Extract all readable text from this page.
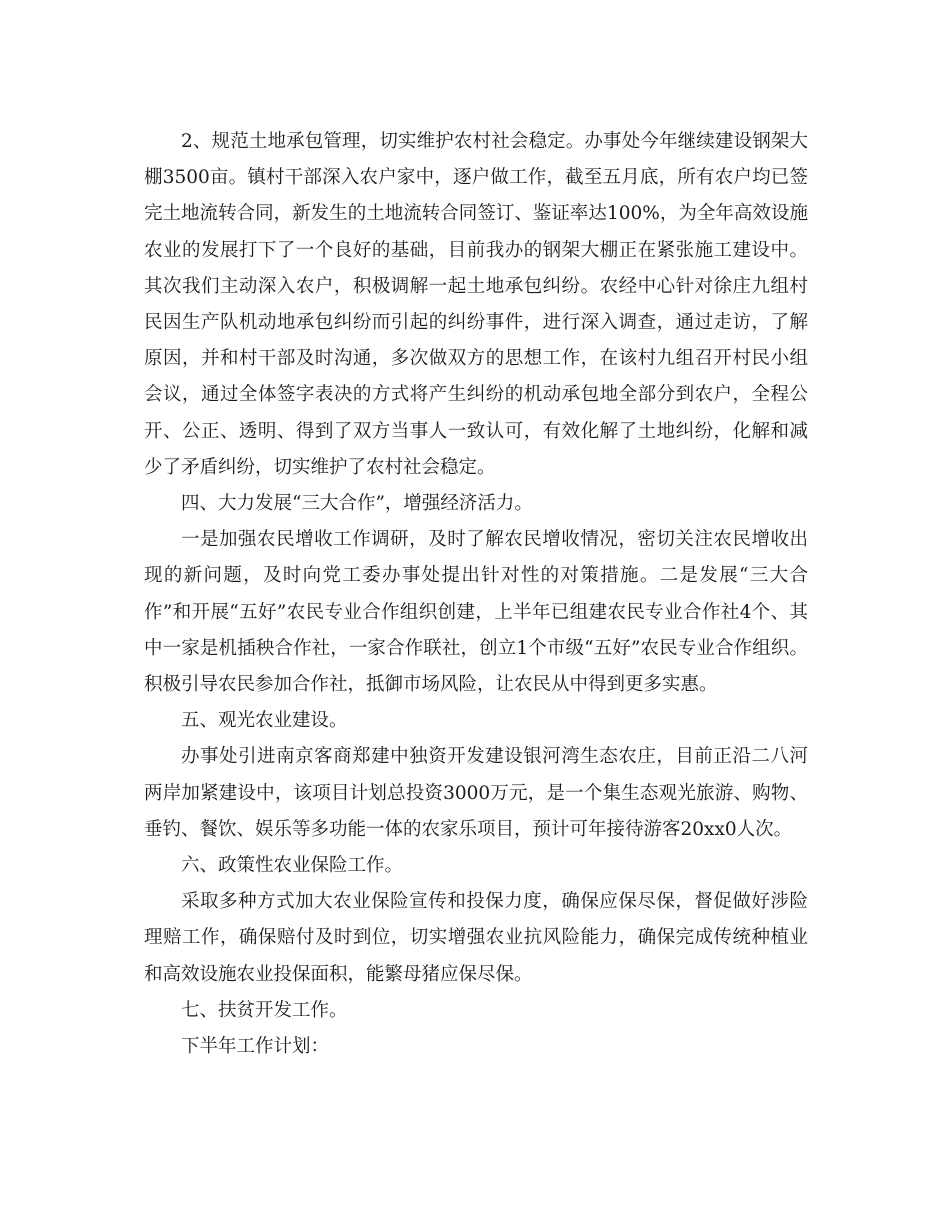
2、规范土地承包管理，切实维护农村社会稳定。办事处今年继续建设钢架大棚3500亩。镇村干部深入农户家中，逐户做工作，截至五月底，所有农户均已签完土地流转合同，新发生的土地流转合同签订、鉴证率达100%，为全年高效设施农业的发展打下了一个良好的基础，目前我办的钢架大棚正在紧张施工建设中。其次我们主动深入农户，积极调解一起土地承包纠纷。农经中心针对徐庄九组村民因生产队机动地承包纠纷而引起的纠纷事件，进行深入调查，通过走访，了解原因，并和村干部及时沟通，多次做双方的思想工作，在该村九组召开村民小组会议，通过全体签字表决的方式将产生纠纷的机动承包地全部分到农户，全程公开、公正、透明、得到了双方当事人一致认可，有效化解了土地纠纷，化解和减少了矛盾纠纷，切实维护了农村社会稳定。

四、大力发展“三大合作”，增强经济活力。

一是加强农民增收工作调研，及时了解农民增收情况，密切关注农民增收出现的新问题，及时向党工委办事处提出针对性的对策措施。二是发展“三大合作”和开展“五好”农民专业合作组织创建，上半年已组建农民专业合作社4个、其中一家是机插秧合作社，一家合作联社，创立1个市级“五好”农民专业合作组织。积极引导农民参加合作社，抵御市场风险，让农民从中得到更多实惠。

五、观光农业建设。

办事处引进南京客商郑建中独资开发建设银河湾生态农庄，目前正沿二八河两岸加紧建设中，该项目计划总投资3000万元，是一个集生态观光旅游、购物、垂钓、餐饮、娱乐等多功能一体的农家乐项目，预计可年接待游客20xx0人次。

六、政策性农业保险工作。

采取多种方式加大农业保险宣传和投保力度，确保应保尽保，督促做好涉险理赔工作，确保赔付及时到位，切实增强农业抗风险能力，确保完成传统种植业和高效设施农业投保面积，能繁母猪应保尽保。

七、扶贫开发工作。

下半年工作计划：
